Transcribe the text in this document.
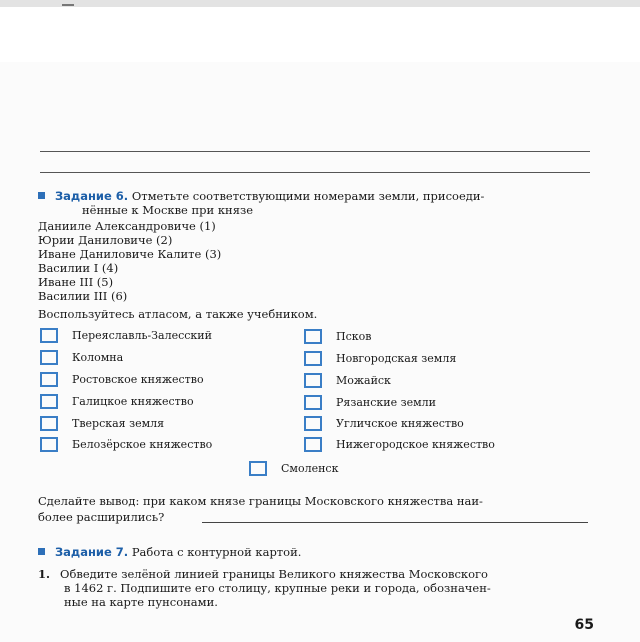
Задание 6. Отметьте соответствующими номерами земли, присоеди-
нённые к Москве при князе
Данииле Александровиче (1)
Юрии Даниловиче (2)
Иване Даниловиче Калите (3)
Василии I (4)
Иване III (5)
Василии III (6)
Воспользуйтесь атласом, а также учебником.
Переяславль-Залесский
Коломна
Ростовское княжество
Галицкое княжество
Тверская земля
Белозёрское княжество
Псков
Новгородская земля
Можайск
Рязанские земли
Угличское княжество
Нижегородское княжество
Смоленск
Сделайте вывод: при каком князе границы Московского княжества наи-
более расширились?
Задание 7. Работа с контурной картой.
1. Обведите зелёной линией границы Великого княжества Московского
в 1462 г. Подпишите его столицу, крупные реки и города, обозначен-
ные на карте пунсонами.
65
